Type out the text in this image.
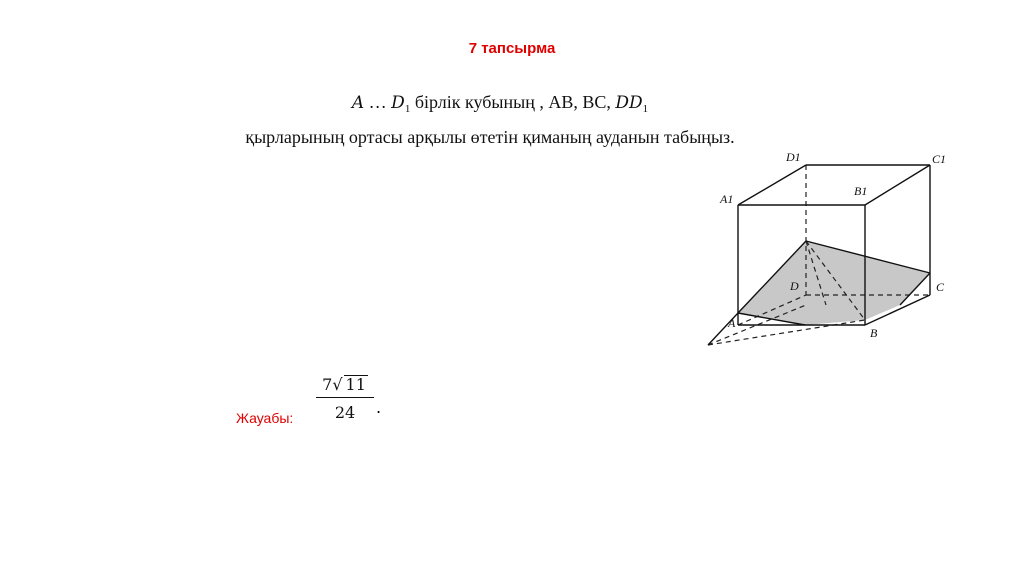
7 тапсырма
A … $D_1$ бірлік кубының , AB, BC, $DD_1$
қырларының ортасы арқылы өтетін қиманың ауданын табыңыз.
A1
B1
C1
D1
A
B
C
D
Жауабы:
7√ 11
24	.
